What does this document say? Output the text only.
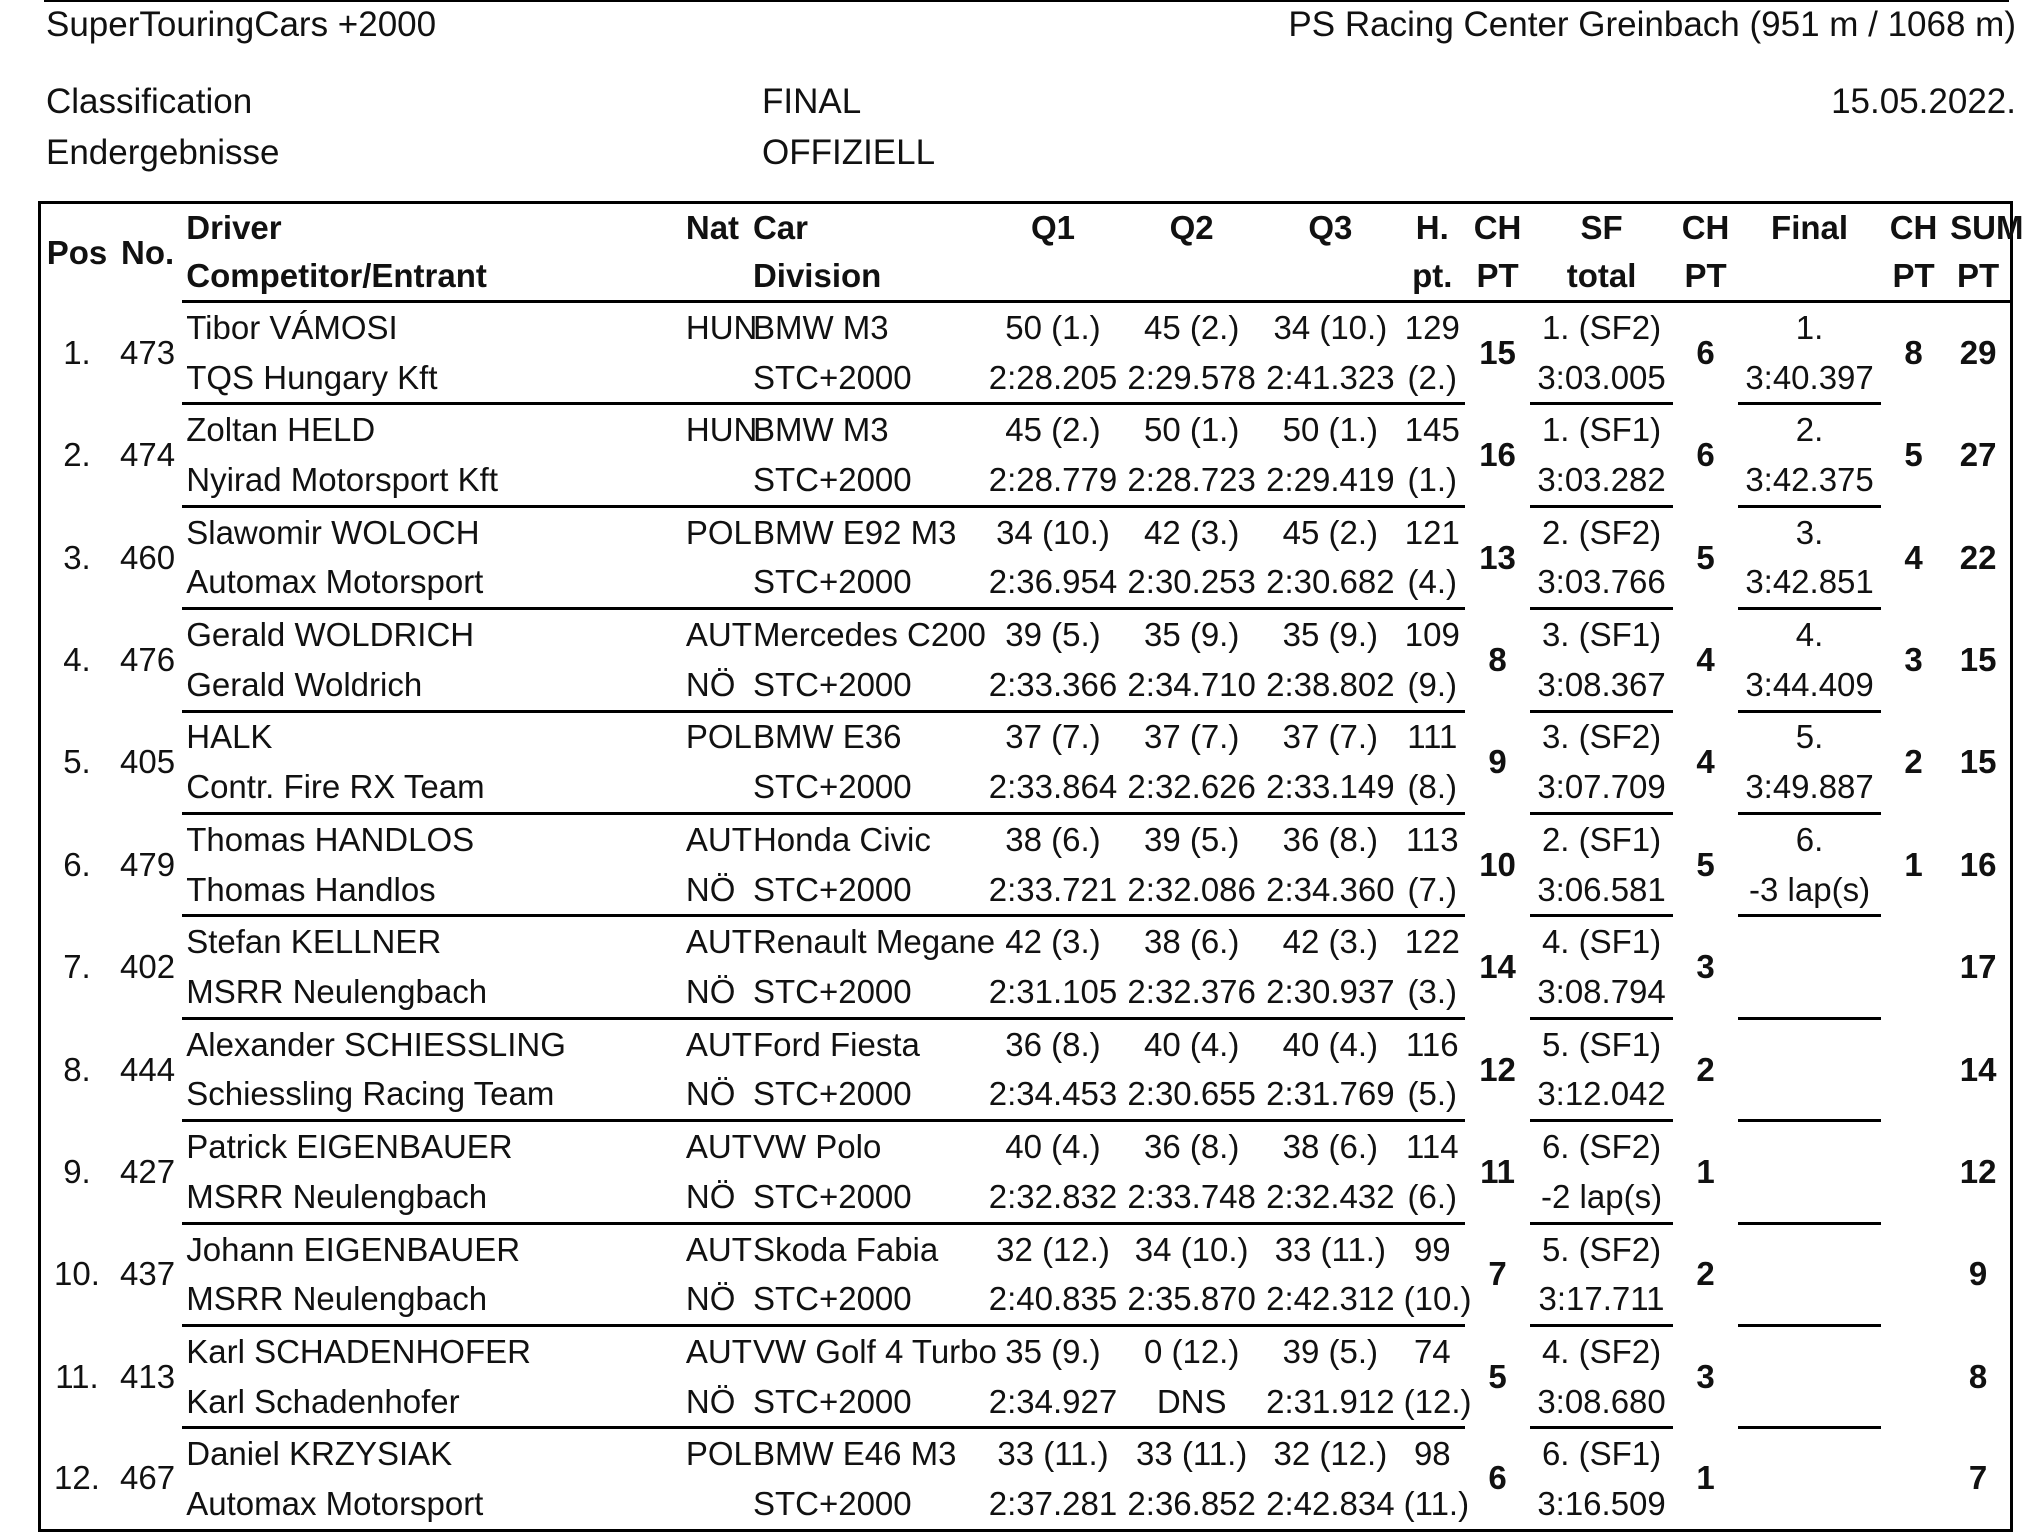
SuperTouringCars +2000	PS Racing Center Greinbach (951 m / 1068 m)
Classification
Endergebnisse
FINAL
OFFIZIELL
15.05.2022.
Pos	No.	Driver	Nat	Car	Q1	Q2	Q3	H.	CH	SF	CH	Final	CH	SUM
		Competitor/Entrant		Division				pt.	PT	total	PT		PT	PT
1.	473	Tibor VÁMOSI	HUN	BMW M3	50 (1.)	45 (2.)	34 (10.)	129	15	1. (SF2)	6	1.	8	29
		TQS Hungary Kft		STC+2000	2:28.205	2:29.578	2:41.323	(2.)		3:03.005		3:40.397		
2.	474	Zoltan HELD	HUN	BMW M3	45 (2.)	50 (1.)	50 (1.)	145	16	1. (SF1)	6	2.	5	27
		Nyirad Motorsport Kft		STC+2000	2:28.779	2:28.723	2:29.419	(1.)		3:03.282		3:42.375		
3.	460	Slawomir WOLOCH	POL	BMW E92 M3	34 (10.)	42 (3.)	45 (2.)	121	13	2. (SF2)	5	3.	4	22
		Automax Motorsport		STC+2000	2:36.954	2:30.253	2:30.682	(4.)		3:03.766		3:42.851		
4.	476	Gerald WOLDRICH	AUT	Mercedes C200	39 (5.)	35 (9.)	35 (9.)	109	8	3. (SF1)	4	4.	3	15
		Gerald Woldrich	NÖ	STC+2000	2:33.366	2:34.710	2:38.802	(9.)		3:08.367		3:44.409		
5.	405	HALK	POL	BMW E36	37 (7.)	37 (7.)	37 (7.)	111	9	3. (SF2)	4	5.	2	15
		Contr. Fire RX Team		STC+2000	2:33.864	2:32.626	2:33.149	(8.)		3:07.709		3:49.887		
6.	479	Thomas HANDLOS	AUT	Honda Civic	38 (6.)	39 (5.)	36 (8.)	113	10	2. (SF1)	5	6.	1	16
		Thomas Handlos	NÖ	STC+2000	2:33.721	2:32.086	2:34.360	(7.)		3:06.581		-3 lap(s)		
7.	402	Stefan KELLNER	AUT	Renault Megane	42 (3.)	38 (6.)	42 (3.)	122	14	4. (SF1)	3			17
		MSRR Neulengbach	NÖ	STC+2000	2:31.105	2:32.376	2:30.937	(3.)		3:08.794				
8.	444	Alexander SCHIESSLING	AUT	Ford Fiesta	36 (8.)	40 (4.)	40 (4.)	116	12	5. (SF1)	2			14
		Schiessling Racing Team	NÖ	STC+2000	2:34.453	2:30.655	2:31.769	(5.)		3:12.042				
9.	427	Patrick EIGENBAUER	AUT	VW Polo	40 (4.)	36 (8.)	38 (6.)	114	11	6. (SF2)	1			12
		MSRR Neulengbach	NÖ	STC+2000	2:32.832	2:33.748	2:32.432	(6.)		-2 lap(s)				
10.	437	Johann EIGENBAUER	AUT	Skoda Fabia	32 (12.)	34 (10.)	33 (11.)	99	7	5. (SF2)	2			9
		MSRR Neulengbach	NÖ	STC+2000	2:40.835	2:35.870	2:42.312	(10.)		3:17.711				
11.	413	Karl SCHADENHOFER	AUT	VW Golf 4 Turbo	35 (9.)	0 (12.)	39 (5.)	74	5	4. (SF2)	3			8
		Karl Schadenhofer	NÖ	STC+2000	2:34.927	DNS	2:31.912	(12.)		3:08.680				
12.	467	Daniel KRZYSIAK	POL	BMW E46 M3	33 (11.)	33 (11.)	32 (12.)	98	6	6. (SF1)	1			7
		Automax Motorsport		STC+2000	2:37.281	2:36.852	2:42.834	(11.)		3:16.509				
